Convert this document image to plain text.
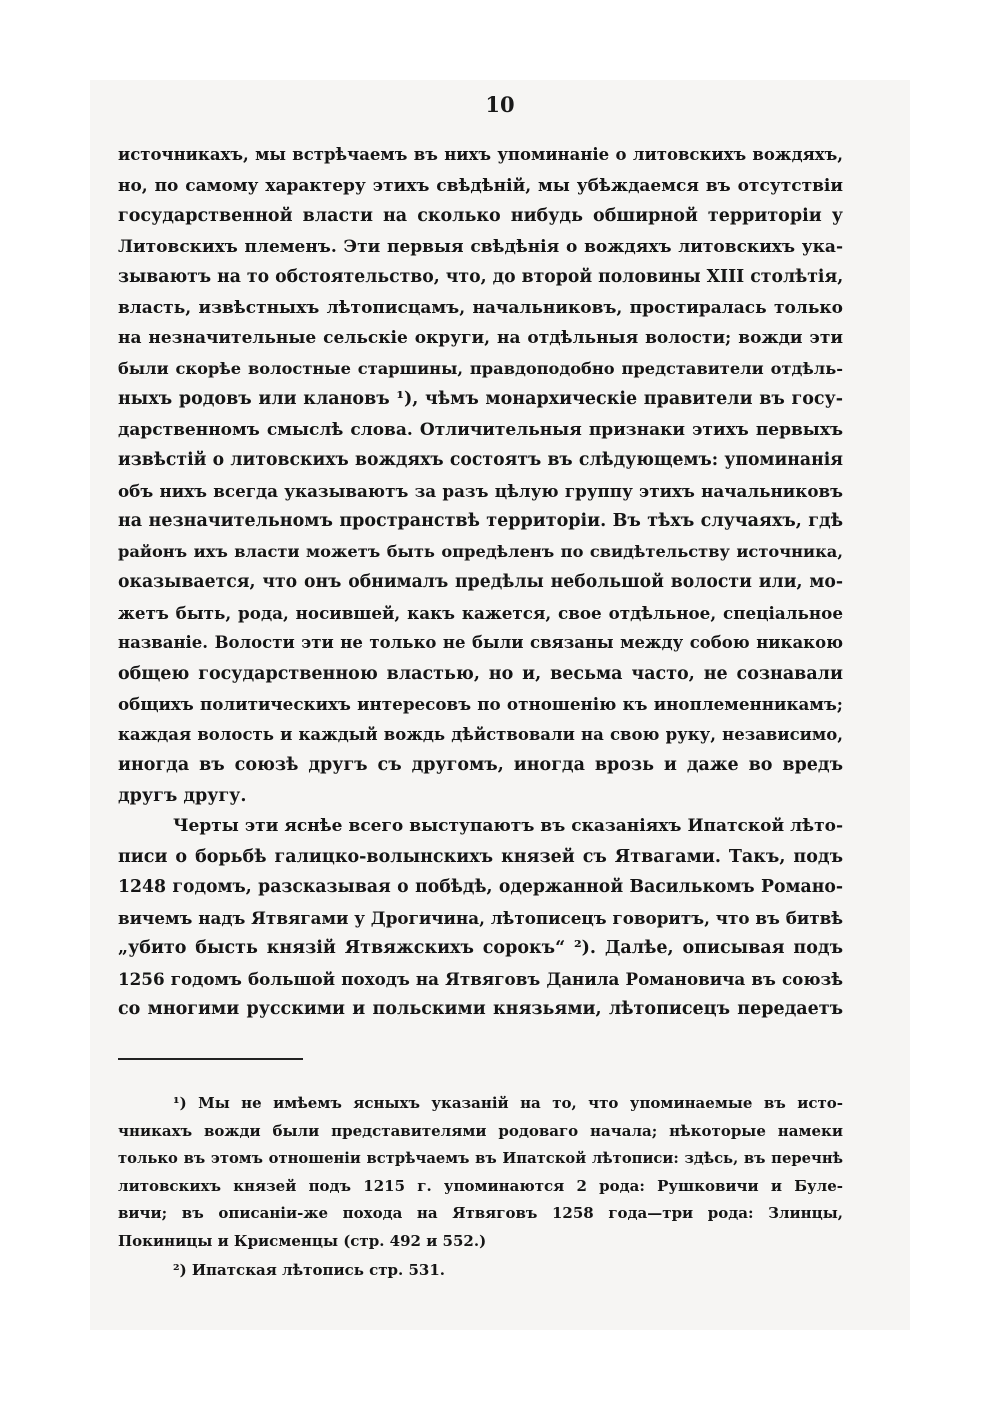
10
источникахъ, мы встрѣчаемъ въ нихъ упоминаніе о литовскихъ вождяхъ,
но, по самому характеру этихъ свѣдѣній, мы убѣждаемся въ отсутствіи
государственной власти на сколько нибудь обширной территоріи у
Литовскихъ племенъ. Эти первыя свѣдѣнія о вождяхъ литовскихъ ука-
зываютъ на то обстоятельство, что, до второй половины XIII столѣтія,
власть, извѣстныхъ лѣтописцамъ, начальниковъ, простиралась только
на незначительные сельскіе округи, на отдѣльныя волости; вожди эти
были скорѣе волостные старшины, правдоподобно представители отдѣль-
ныхъ родовъ или клановъ ¹), чѣмъ монархическіе правители въ госу-
дарственномъ смыслѣ слова. Отличительныя признаки этихъ первыхъ
извѣстій о литовскихъ вождяхъ состоятъ въ слѣдующемъ: упоминанія
объ нихъ всегда указываютъ за разъ цѣлую группу этихъ начальниковъ
на незначительномъ пространствѣ территоріи. Въ тѣхъ случаяхъ, гдѣ
районъ ихъ власти можетъ быть опредѣленъ по свидѣтельству источника,
оказывается, что онъ обнималъ предѣлы небольшой волости или, мо-
жетъ быть, рода, носившей, какъ кажется, свое отдѣльное, спеціальное
названіе. Волости эти не только не были связаны между собою никакою
общею государственною властью, но и, весьма часто, не сознавали
общихъ политическихъ интересовъ по отношенію къ иноплеменникамъ;
каждая волость и каждый вождь дѣйствовали на свою руку, независимо,
иногда въ союзѣ другъ съ другомъ, иногда врозь и даже во вредъ
другъ другу.
Черты эти яснѣе всего выступаютъ въ сказаніяхъ Ипатской лѣто-
писи о борьбѣ галицко-волынскихъ князей съ Ятвагами. Такъ, подъ
1248 годомъ, разсказывая о побѣдѣ, одержанной Василькомъ Романо-
вичемъ надъ Ятвягами у Дрогичина, лѣтописецъ говоритъ, что въ битвѣ
„убито бысть князій Ятвяжскихъ сорокъ“ ²). Далѣе, описывая подъ
1256 годомъ большой походъ на Ятвяговъ Данила Романовича въ союзѣ
со многими русскими и польскими князьями, лѣтописецъ передаетъ
¹) Мы не имѣемъ ясныхъ указаній на то, что упоминаемые въ исто-
чникахъ вожди были представителями родоваго начала; нѣкоторые намеки
только въ этомъ отношеніи встрѣчаемъ въ Ипатской лѣтописи: здѣсь, въ перечнѣ
литовскихъ князей подъ 1215 г. упоминаются 2 рода: Рушковичи и Буле-
вичи; въ описаніи-же похода на Ятвяговъ 1258 года—три рода: Злинцы,
Покиницы и Крисменцы (стр. 492 и 552.)
²) Ипатская лѣтопись стр. 531.
